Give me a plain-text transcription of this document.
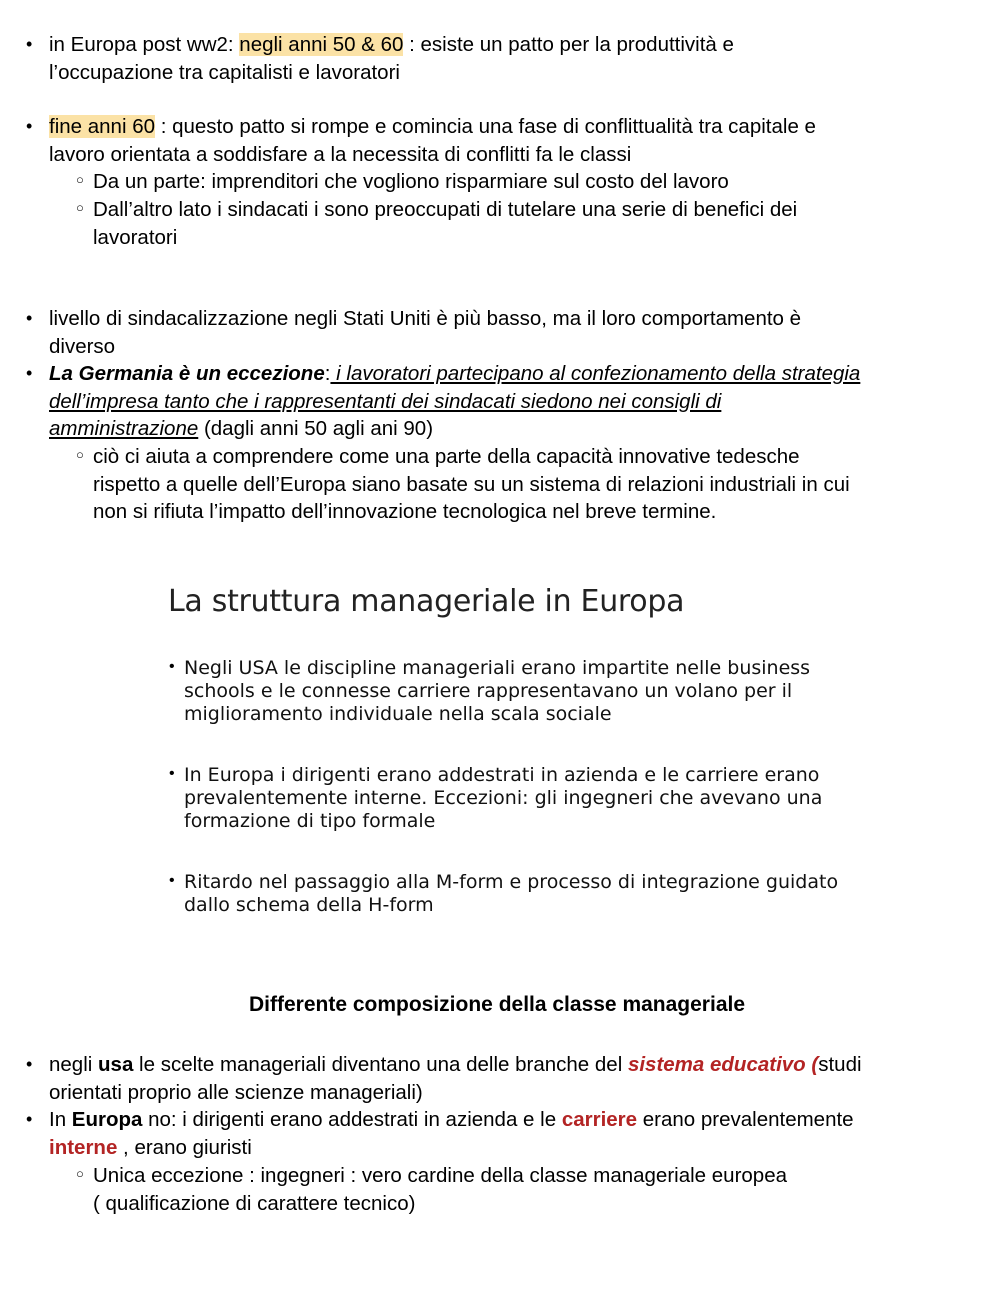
• in Europa post ww2: negli anni 50 & 60 : esiste un patto per la produttività e
l’occupazione tra capitalisti e lavoratori
• fine anni 60 : questo patto si rompe e comincia una fase di conflittualità tra capitale e
lavoro orientata a soddisfare a la necessita di conflitti fa le classi
○ Da un parte: imprenditori che vogliono risparmiare sul costo del lavoro
○ Dall’altro lato i sindacati i sono preoccupati di tutelare una serie di benefici dei
lavoratori
• livello di sindacalizzazione negli Stati Uniti è più basso, ma il loro comportamento è
diverso
• La Germania è un eccezione: i lavoratori partecipano al confezionamento della strategia
dell’impresa tanto che i rappresentanti dei sindacati siedono nei consigli di
amministrazione (dagli anni 50 agli ani 90)
○ ciò ci aiuta a comprendere come una parte della capacità innovative tedesche
rispetto a quelle dell’Europa siano basate su un sistema di relazioni industriali in cui
non si rifiuta l’impatto dell’innovazione tecnologica nel breve termine.
La struttura manageriale in Europa
• Negli USA le discipline manageriali erano impartite nelle business
schools e le connesse carriere rappresentavano un volano per il
miglioramento individuale nella scala sociale
• In Europa i dirigenti erano addestrati in azienda e le carriere erano
prevalentemente interne. Eccezioni: gli ingegneri che avevano una
formazione di tipo formale
• Ritardo nel passaggio alla M-form e processo di integrazione guidato
dallo schema della H-form
Differente composizione della classe manageriale
• negli usa le scelte manageriali diventano una delle branche del sistema educativo (studi
orientati proprio alle scienze manageriali)
• In Europa no: i dirigenti erano addestrati in azienda e le carriere erano prevalentemente
interne , erano giuristi
○ Unica eccezione : ingegneri : vero cardine della classe manageriale europea
( qualificazione di carattere tecnico)
